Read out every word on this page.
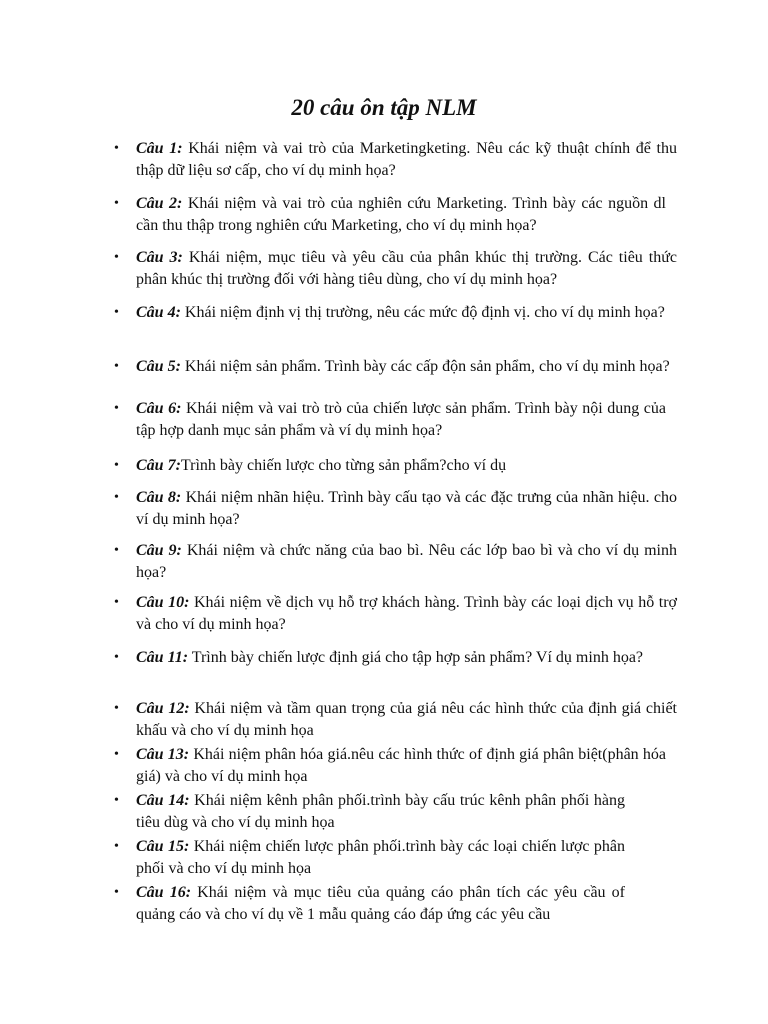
20 câu ôn tập NLM
• Câu 1: Khái niệm và vai trò của Marketingketing. Nêu các kỹ thuật chính để thu thập dữ liệu sơ cấp, cho ví dụ minh họa?
• Câu 2: Khái niệm và vai trò của nghiên cứu Marketing. Trình bày các nguồn dl cần thu thập trong nghiên cứu Marketing, cho ví dụ minh họa?
• Câu 3: Khái niệm, mục tiêu và yêu cầu của phân khúc thị trường. Các tiêu thức phân khúc thị trường đối với hàng tiêu dùng, cho ví dụ minh họa?
• Câu 4: Khái niệm định vị thị trường, nêu các mức độ định vị. cho ví dụ minh họa?
• Câu 5: Khái niệm sản phẩm. Trình bày các cấp độn sản phẩm, cho ví dụ minh họa?
• Câu 6: Khái niệm và vai trò trò của chiến lược sản phẩm. Trình bày nội dung của tập hợp danh mục sản phẩm và ví dụ minh họa?
• Câu 7:Trình bày chiến lược cho từng sản phẩm?cho ví dụ
• Câu 8: Khái niệm nhãn hiệu. Trình bày cấu tạo và các đặc trưng của nhãn hiệu. cho ví dụ minh họa?
• Câu 9: Khái niệm và chức năng của bao bì. Nêu các lớp bao bì và cho ví dụ minh họa?
• Câu 10: Khái niệm về dịch vụ hỗ trợ khách hàng. Trình bày các loại dịch vụ hỗ trợ và cho ví dụ minh họa?
• Câu 11: Trình bày chiến lược định giá cho tập hợp sản phẩm? Ví dụ minh họa?
• Câu 12: Khái niệm và tầm quan trọng của giá nêu các hình thức của định giá chiết khấu và cho ví dụ minh họa
• Câu 13: Khái niệm phân hóa giá.nêu các hình thức of định giá phân biệt(phân hóa giá) và cho ví dụ minh họa
• Câu 14: Khái niệm kênh phân phối.trình bày cấu trúc kênh phân phối hàng tiêu dùg và cho ví dụ minh họa
• Câu 15: Khái niệm chiến lược phân phối.trình bày các loại chiến lược phân phối và cho ví dụ minh họa
• Câu 16: Khái niệm và mục tiêu của quảng cáo phân tích các yêu cầu of quảng cáo và cho ví dụ về 1 mẫu quảng cáo đáp ứng các yêu cầu
